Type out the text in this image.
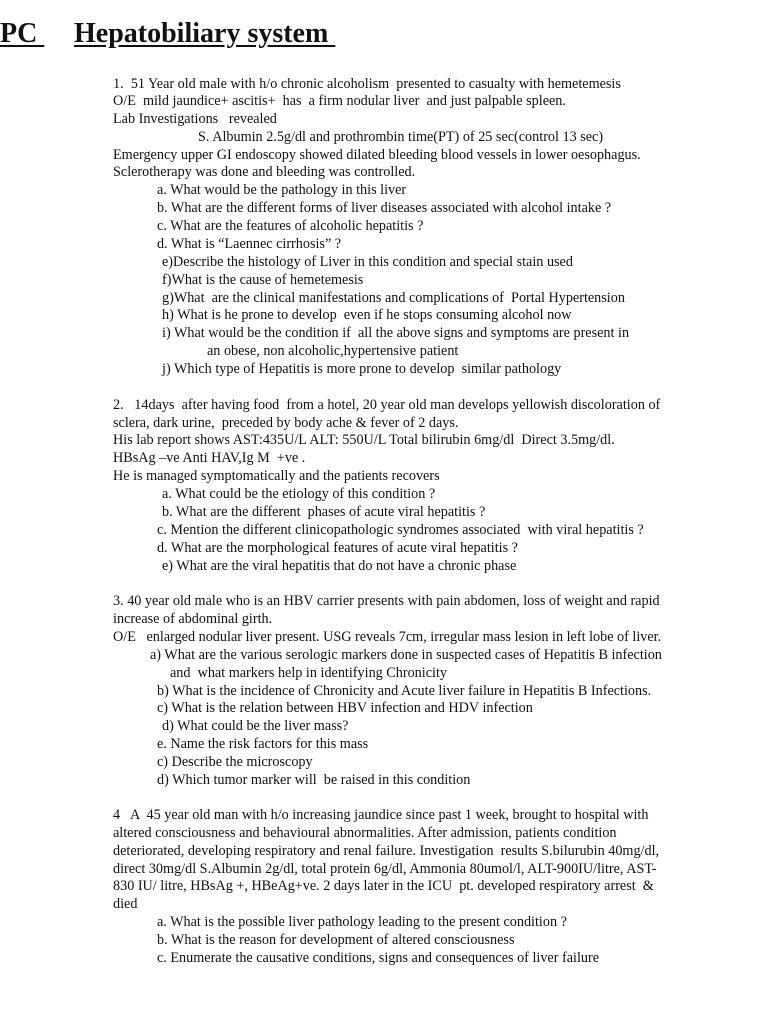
PC Hepatobiliary system
1.  51 Year old male with h/o chronic alcoholism  presented to casualty with hemetemesis
O/E  mild jaundice+ ascitis+  has  a firm nodular liver  and just palpable spleen.
Lab Investigations   revealed
S. Albumin 2.5g/dl and prothrombin time(PT) of 25 sec(control 13 sec)
Emergency upper GI endoscopy showed dilated bleeding blood vessels in lower oesophagus.
Sclerotherapy was done and bleeding was controlled.
a. What would be the pathology in this liver
b. What are the different forms of liver diseases associated with alcohol intake ?
c. What are the features of alcoholic hepatitis ?
d. What is “Laennec cirrhosis” ?
e)Describe the histology of Liver in this condition and special stain used
f)What is the cause of hemetemesis
g)What  are the clinical manifestations and complications of  Portal Hypertension
h) What is he prone to develop  even if he stops consuming alcohol now
i) What would be the condition if  all the above signs and symptoms are present in
an obese, non alcoholic,hypertensive patient
j) Which type of Hepatitis is more prone to develop  similar pathology
2.   14days  after having food  from a hotel, 20 year old man develops yellowish discoloration of
sclera, dark urine,  preceded by body ache & fever of 2 days.
His lab report shows AST:435U/L ALT: 550U/L Total bilirubin 6mg/dl  Direct 3.5mg/dl.
HBsAg –ve Anti HAV,Ig M  +ve .
He is managed symptomatically and the patients recovers
a. What could be the etiology of this condition ?
b. What are the different  phases of acute viral hepatitis ?
c. Mention the different clinicopathologic syndromes associated  with viral hepatitis ?
d. What are the morphological features of acute viral hepatitis ?
e) What are the viral hepatitis that do not have a chronic phase
3. 40 year old male who is an HBV carrier presents with pain abdomen, loss of weight and rapid
increase of abdominal girth.
O/E   enlarged nodular liver present. USG reveals 7cm, irregular mass lesion in left lobe of liver.
a) What are the various serologic markers done in suspected cases of Hepatitis B infection
and  what markers help in identifying Chronicity
b) What is the incidence of Chronicity and Acute liver failure in Hepatitis B Infections.
c) What is the relation between HBV infection and HDV infection
d) What could be the liver mass?
e. Name the risk factors for this mass
c) Describe the microscopy
d) Which tumor marker will  be raised in this condition
4   A  45 year old man with h/o increasing jaundice since past 1 week, brought to hospital with
altered consciousness and behavioural abnormalities. After admission, patients condition
deteriorated, developing respiratory and renal failure. Investigation  results S.bilurubin 40mg/dl,
direct 30mg/dl S.Albumin 2g/dl, total protein 6g/dl, Ammonia 80umol/l, ALT-900IU/litre, AST-
830 IU/ litre, HBsAg +, HBeAg+ve. 2 days later in the ICU  pt. developed respiratory arrest  &
died
a. What is the possible liver pathology leading to the present condition ?
b. What is the reason for development of altered consciousness
c. Enumerate the causative conditions, signs and consequences of liver failure
